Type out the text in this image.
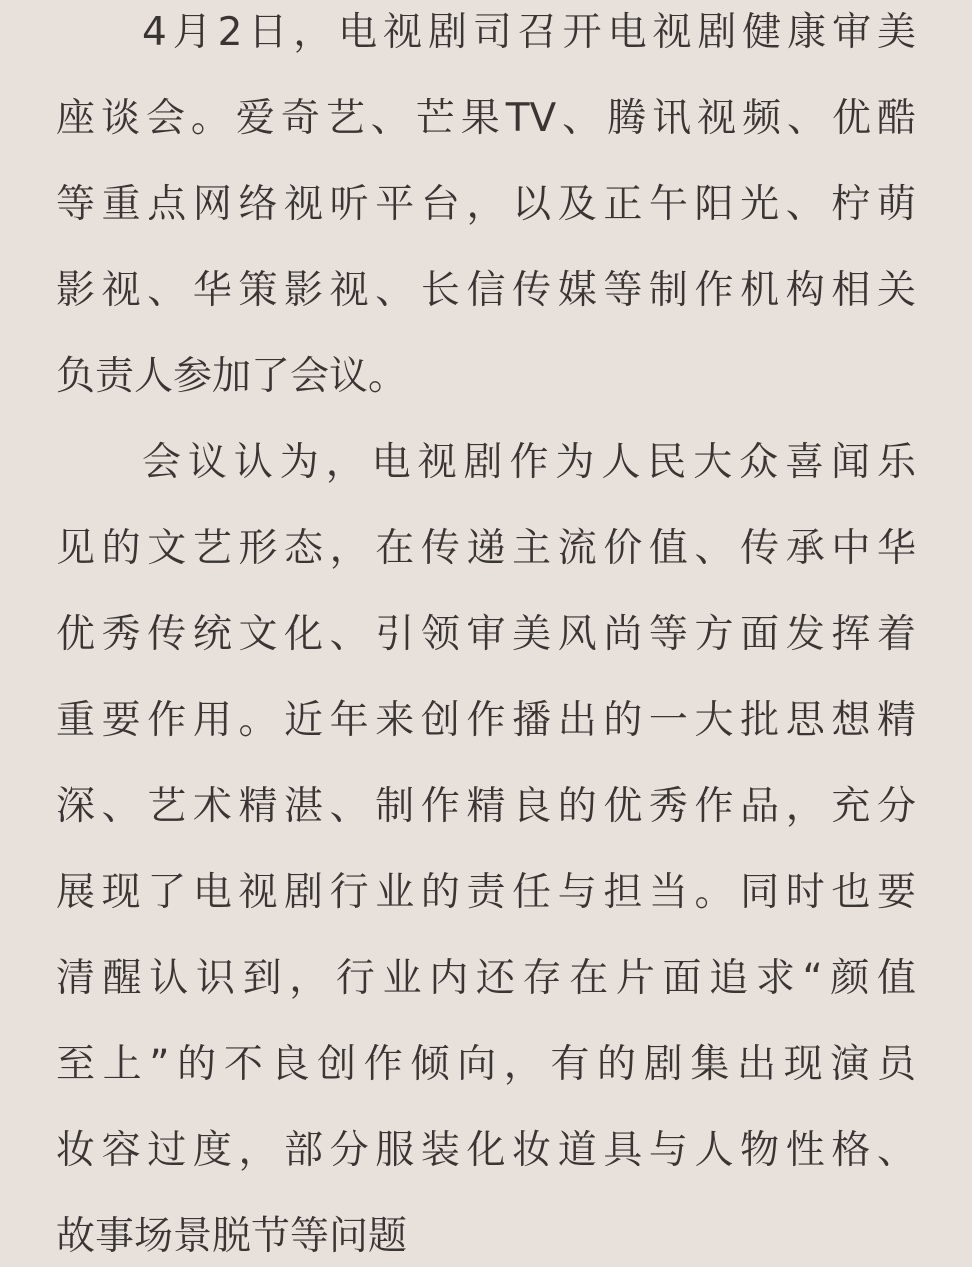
4月2日，电视剧司召开电视剧健康审美
座谈会。爱奇艺、芒果TV、腾讯视频、优酷
等重点网络视听平台，以及正午阳光、柠萌
影视、华策影视、长信传媒等制作机构相关
负责人参加了会议。
会议认为，电视剧作为人民大众喜闻乐
见的文艺形态，在传递主流价值、传承中华
优秀传统文化、引领审美风尚等方面发挥着
重要作用。近年来创作播出的一大批思想精
深、艺术精湛、制作精良的优秀作品，充分
展现了电视剧行业的责任与担当。同时也要
清醒认识到，行业内还存在片面追求“颜值
至上”的不良创作倾向，有的剧集出现演员
妆容过度，部分服装化妆道具与人物性格、
故事场景脱节等问题
